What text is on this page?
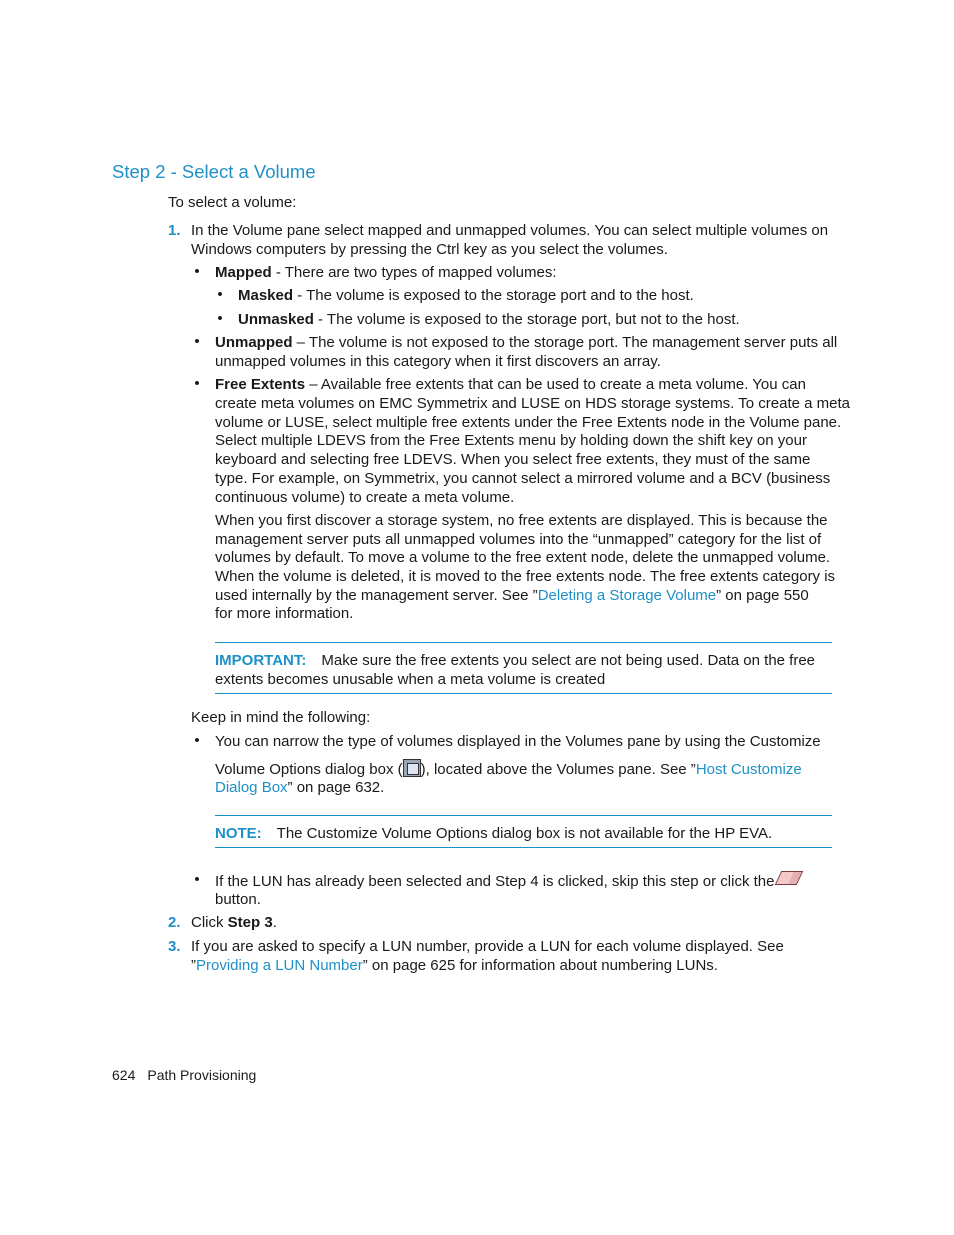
Step 2 - Select a Volume
To select a volume:
1. In the Volume pane select mapped and unmapped volumes. You can select multiple volumes on
Windows computers by pressing the Ctrl key as you select the volumes.
• Mapped - There are two types of mapped volumes:
• Masked - The volume is exposed to the storage port and to the host.
• Unmasked - The volume is exposed to the storage port, but not to the host.
• Unmapped – The volume is not exposed to the storage port. The management server puts all
unmapped volumes in this category when it first discovers an array.
• Free Extents – Available free extents that can be used to create a meta volume. You can
create meta volumes on EMC Symmetrix and LUSE on HDS storage systems. To create a meta
volume or LUSE, select multiple free extents under the Free Extents node in the Volume pane.
Select multiple LDEVS from the Free Extents menu by holding down the shift key on your
keyboard and selecting free LDEVS. When you select free extents, they must of the same
type. For example, on Symmetrix, you cannot select a mirrored volume and a BCV (business
continuous volume) to create a meta volume.
When you first discover a storage system, no free extents are displayed. This is because the
management server puts all unmapped volumes into the “unmapped” category for the list of
volumes by default. To move a volume to the free extent node, delete the unmapped volume.
When the volume is deleted, it is moved to the free extents node. The free extents category is
used internally by the management server. See ”Deleting a Storage Volume” on page 550
for more information.
IMPORTANT: Make sure the free extents you select are not being used. Data on the free
extents becomes unusable when a meta volume is created
Keep in mind the following:
• You can narrow the type of volumes displayed in the Volumes pane by using the Customize
Volume Options dialog box ( ), located above the Volumes pane. See ”Host Customize
Dialog Box” on page 632.
NOTE: The Customize Volume Options dialog box is not available for the HP EVA.
• If the LUN has already been selected and Step 4 is clicked, skip this step or click the
button.
2. Click Step 3.
3. If you are asked to specify a LUN number, provide a LUN for each volume displayed. See
”Providing a LUN Number” on page 625 for information about numbering LUNs.
624 Path Provisioning
